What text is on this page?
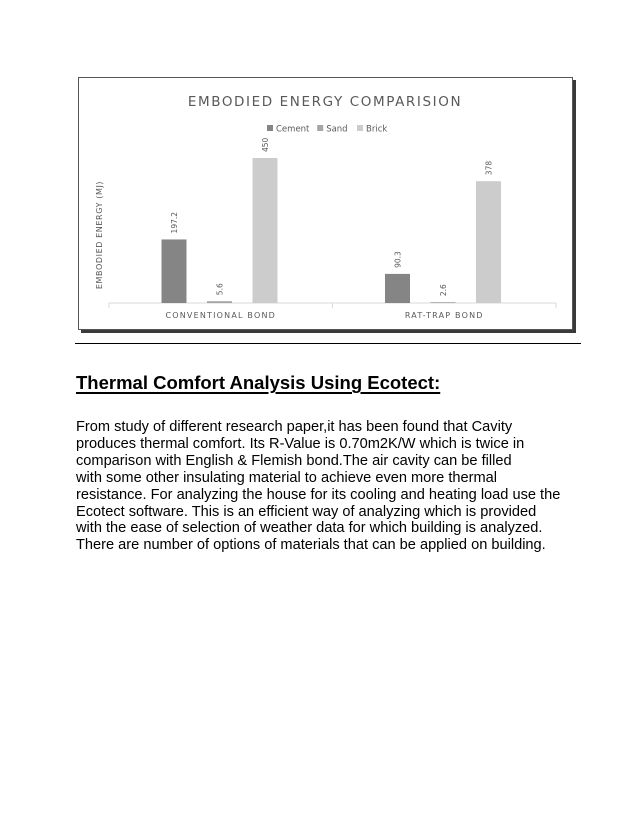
EMBODIED ENERGY COMPARISION
Cement Sand Brick
EMBODIED ENERGY (MJ)	197.2
5.6
450
CONVENTIONAL BOND
90.3
2.6
378
RAT-TRAP BOND
Thermal Comfort Analysis Using Ecotect:
From study of different research paper,it has been found that Cavity
produces thermal comfort. Its R-Value is 0.70m2K/W which is twice in
comparison with English & Flemish bond.The air cavity can be filled
with some other insulating material to achieve even more thermal
resistance. For analyzing the house for its cooling and heating load use the
Ecotect software. This is an efficient way of analyzing which is provided
with the ease of selection of weather data for which building is analyzed.
There are number of options of materials that can be applied on building.
